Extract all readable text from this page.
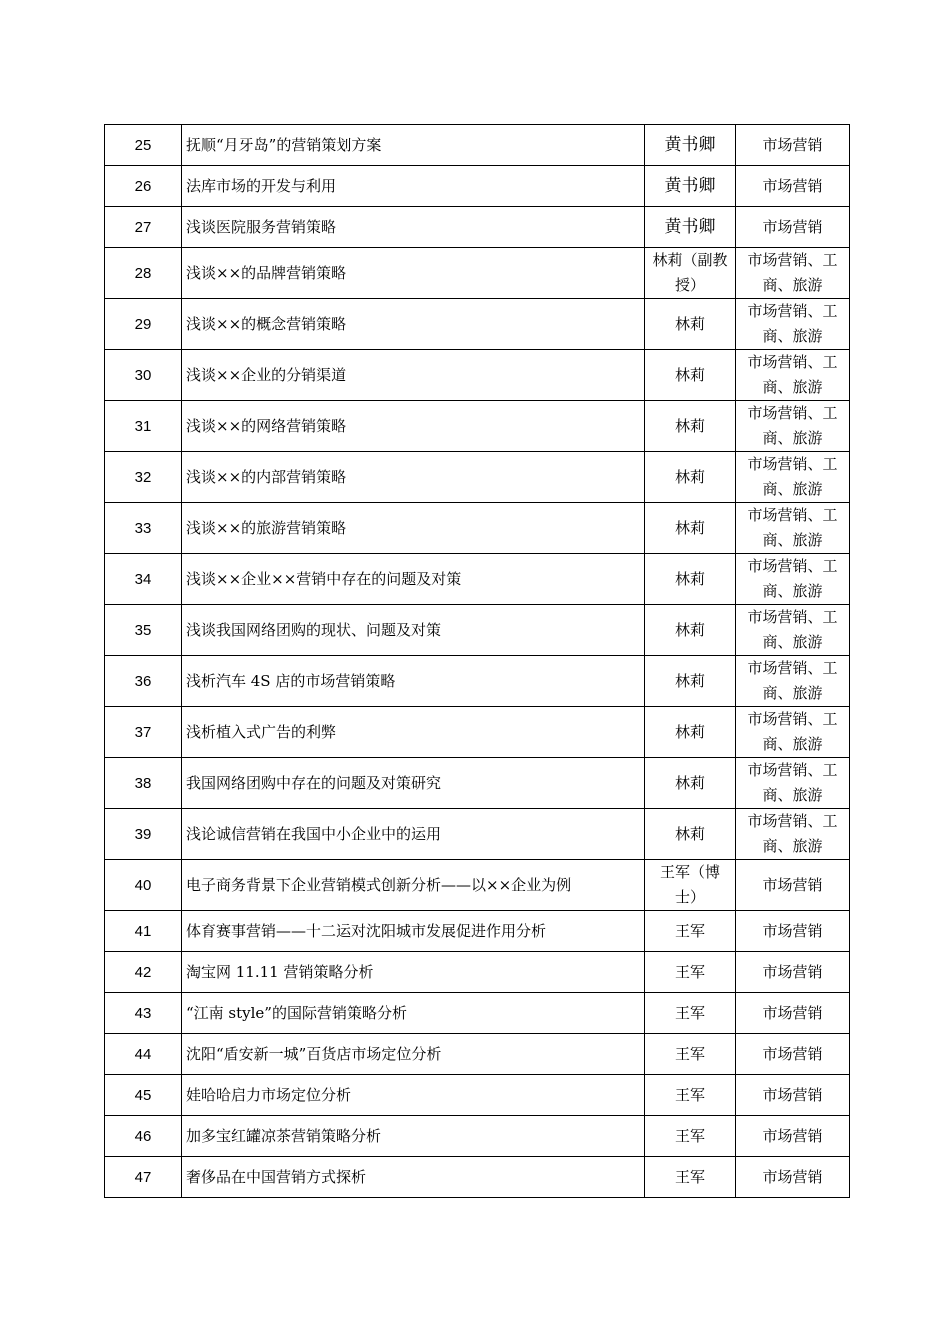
25	抚顺“月牙岛”的营销策划方案	黄书卿	市场营销
26	法库市场的开发与利用	黄书卿	市场营销
27	浅谈医院服务营销策略	黄书卿	市场营销
28	浅谈××的品牌营销策略	林莉（副教授）	市场营销、工商、旅游
29	浅谈××的概念营销策略	林莉	市场营销、工商、旅游
30	浅谈××企业的分销渠道	林莉	市场营销、工商、旅游
31	浅谈××的网络营销策略	林莉	市场营销、工商、旅游
32	浅谈××的内部营销策略	林莉	市场营销、工商、旅游
33	浅谈××的旅游营销策略	林莉	市场营销、工商、旅游
34	浅谈××企业××营销中存在的问题及对策	林莉	市场营销、工商、旅游
35	浅谈我国网络团购的现状、问题及对策	林莉	市场营销、工商、旅游
36	浅析汽车 4S 店的市场营销策略	林莉	市场营销、工商、旅游
37	浅析植入式广告的利弊	林莉	市场营销、工商、旅游
38	我国网络团购中存在的问题及对策研究	林莉	市场营销、工商、旅游
39	浅论诚信营销在我国中小企业中的运用	林莉	市场营销、工商、旅游
40	电子商务背景下企业营销模式创新分析——以××企业为例	王军（博士）	市场营销
41	体育赛事营销——十二运对沈阳城市发展促进作用分析	王军	市场营销
42	淘宝网 11.11 营销策略分析	王军	市场营销
43	“江南 style”的国际营销策略分析	王军	市场营销
44	沈阳“盾安新一城”百货店市场定位分析	王军	市场营销
45	娃哈哈启力市场定位分析	王军	市场营销
46	加多宝红罐凉茶营销策略分析	王军	市场营销
47	奢侈品在中国营销方式探析	王军	市场营销
